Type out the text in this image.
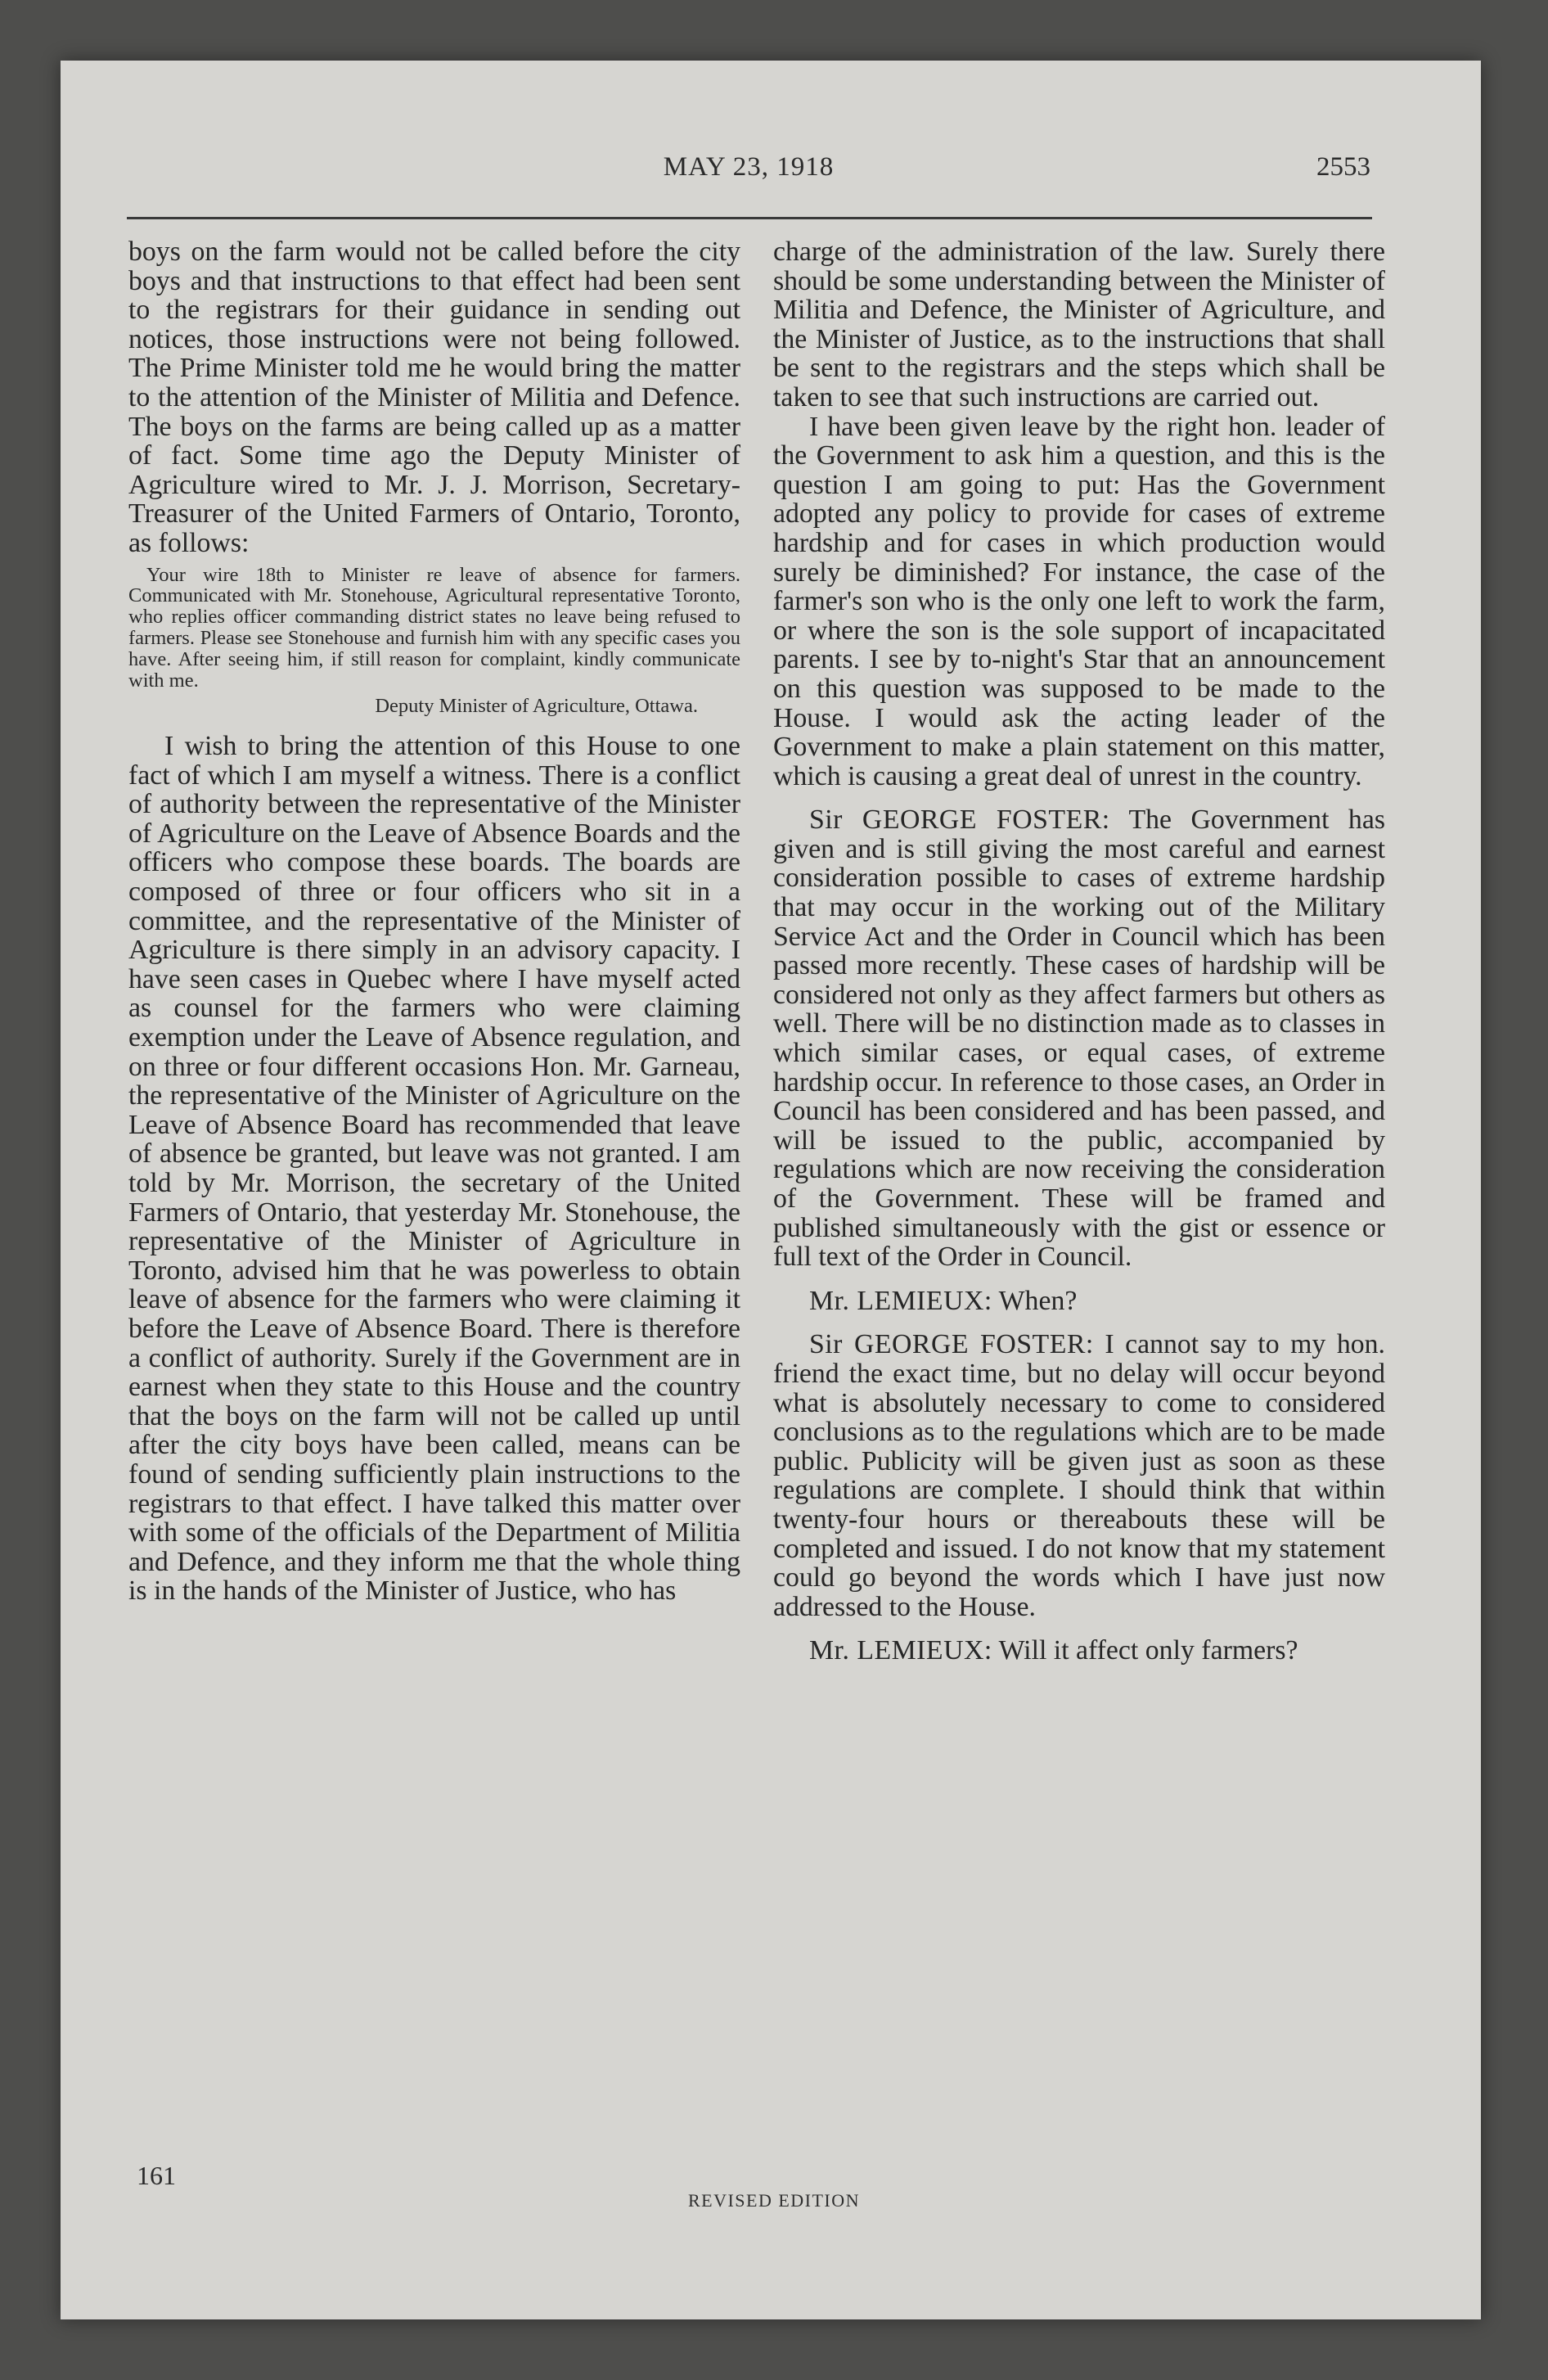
MAY 23, 1918	2553

boys on the farm would not be called before the city boys and that instructions to that effect had been sent to the registrars for their guidance in sending out notices, those instructions were not being followed. The Prime Minister told me he would bring the matter to the attention of the Minister of Militia and Defence. The boys on the farms are being called up as a matter of fact. Some time ago the Deputy Minister of Agriculture wired to Mr. J. J. Morrison, Secretary-Treasurer of the United Farmers of Ontario, Toronto, as follows:

Your wire 18th to Minister re leave of absence for farmers. Communicated with Mr. Stonehouse, Agricultural representative Toronto, who replies officer commanding district states no leave being refused to farmers. Please see Stonehouse and furnish him with any specific cases you have. After seeing him, if still reason for complaint, kindly communicate with me.

Deputy Minister of Agriculture, Ottawa.

I wish to bring the attention of this House to one fact of which I am myself a witness. There is a conflict of authority between the representative of the Minister of Agriculture on the Leave of Absence Boards and the officers who compose these boards. The boards are composed of three or four officers who sit in a committee, and the representative of the Minister of Agriculture is there simply in an advisory capacity. I have seen cases in Quebec where I have myself acted as counsel for the farmers who were claiming exemption under the Leave of Absence regulation, and on three or four different occasions Hon. Mr. Garneau, the representative of the Minister of Agriculture on the Leave of Absence Board has recommended that leave of absence be granted, but leave was not granted. I am told by Mr. Morrison, the secretary of the United Farmers of Ontario, that yesterday Mr. Stonehouse, the representative of the Minister of Agriculture in Toronto, advised him that he was powerless to obtain leave of absence for the farmers who were claiming it before the Leave of Absence Board. There is therefore a conflict of authority. Surely if the Government are in earnest when they state to this House and the country that the boys on the farm will not be called up until after the city boys have been called, means can be found of sending sufficiently plain instructions to the registrars to that effect. I have talked this matter over with some of the officials of the Department of Militia and Defence, and they inform me that the whole thing is in the hands of the Minister of Justice, who has

charge of the administration of the law. Surely there should be some understanding between the Minister of Militia and Defence, the Minister of Agriculture, and the Minister of Justice, as to the instructions that shall be sent to the registrars and the steps which shall be taken to see that such instructions are carried out.

I have been given leave by the right hon. leader of the Government to ask him a question, and this is the question I am going to put: Has the Government adopted any policy to provide for cases of extreme hardship and for cases in which production would surely be diminished? For instance, the case of the farmer's son who is the only one left to work the farm, or where the son is the sole support of incapacitated parents. I see by to-night's Star that an announcement on this question was supposed to be made to the House. I would ask the acting leader of the Government to make a plain statement on this matter, which is causing a great deal of unrest in the country.

Sir GEORGE FOSTER: The Government has given and is still giving the most careful and earnest consideration possible to cases of extreme hardship that may occur in the working out of the Military Service Act and the Order in Council which has been passed more recently. These cases of hardship will be considered not only as they affect farmers but others as well. There will be no distinction made as to classes in which similar cases, or equal cases, of extreme hardship occur. In reference to those cases, an Order in Council has been considered and has been passed, and will be issued to the public, accompanied by regulations which are now receiving the consideration of the Government. These will be framed and published simultaneously with the gist or essence or full text of the Order in Council.

Mr. LEMIEUX: When?

Sir GEORGE FOSTER: I cannot say to my hon. friend the exact time, but no delay will occur beyond what is absolutely necessary to come to considered conclusions as to the regulations which are to be made public. Publicity will be given just as soon as these regulations are complete. I should think that within twenty-four hours or thereabouts these will be completed and issued. I do not know that my statement could go beyond the words which I have just now addressed to the House.

Mr. LEMIEUX: Will it affect only farmers?

161
REVISED EDITION
